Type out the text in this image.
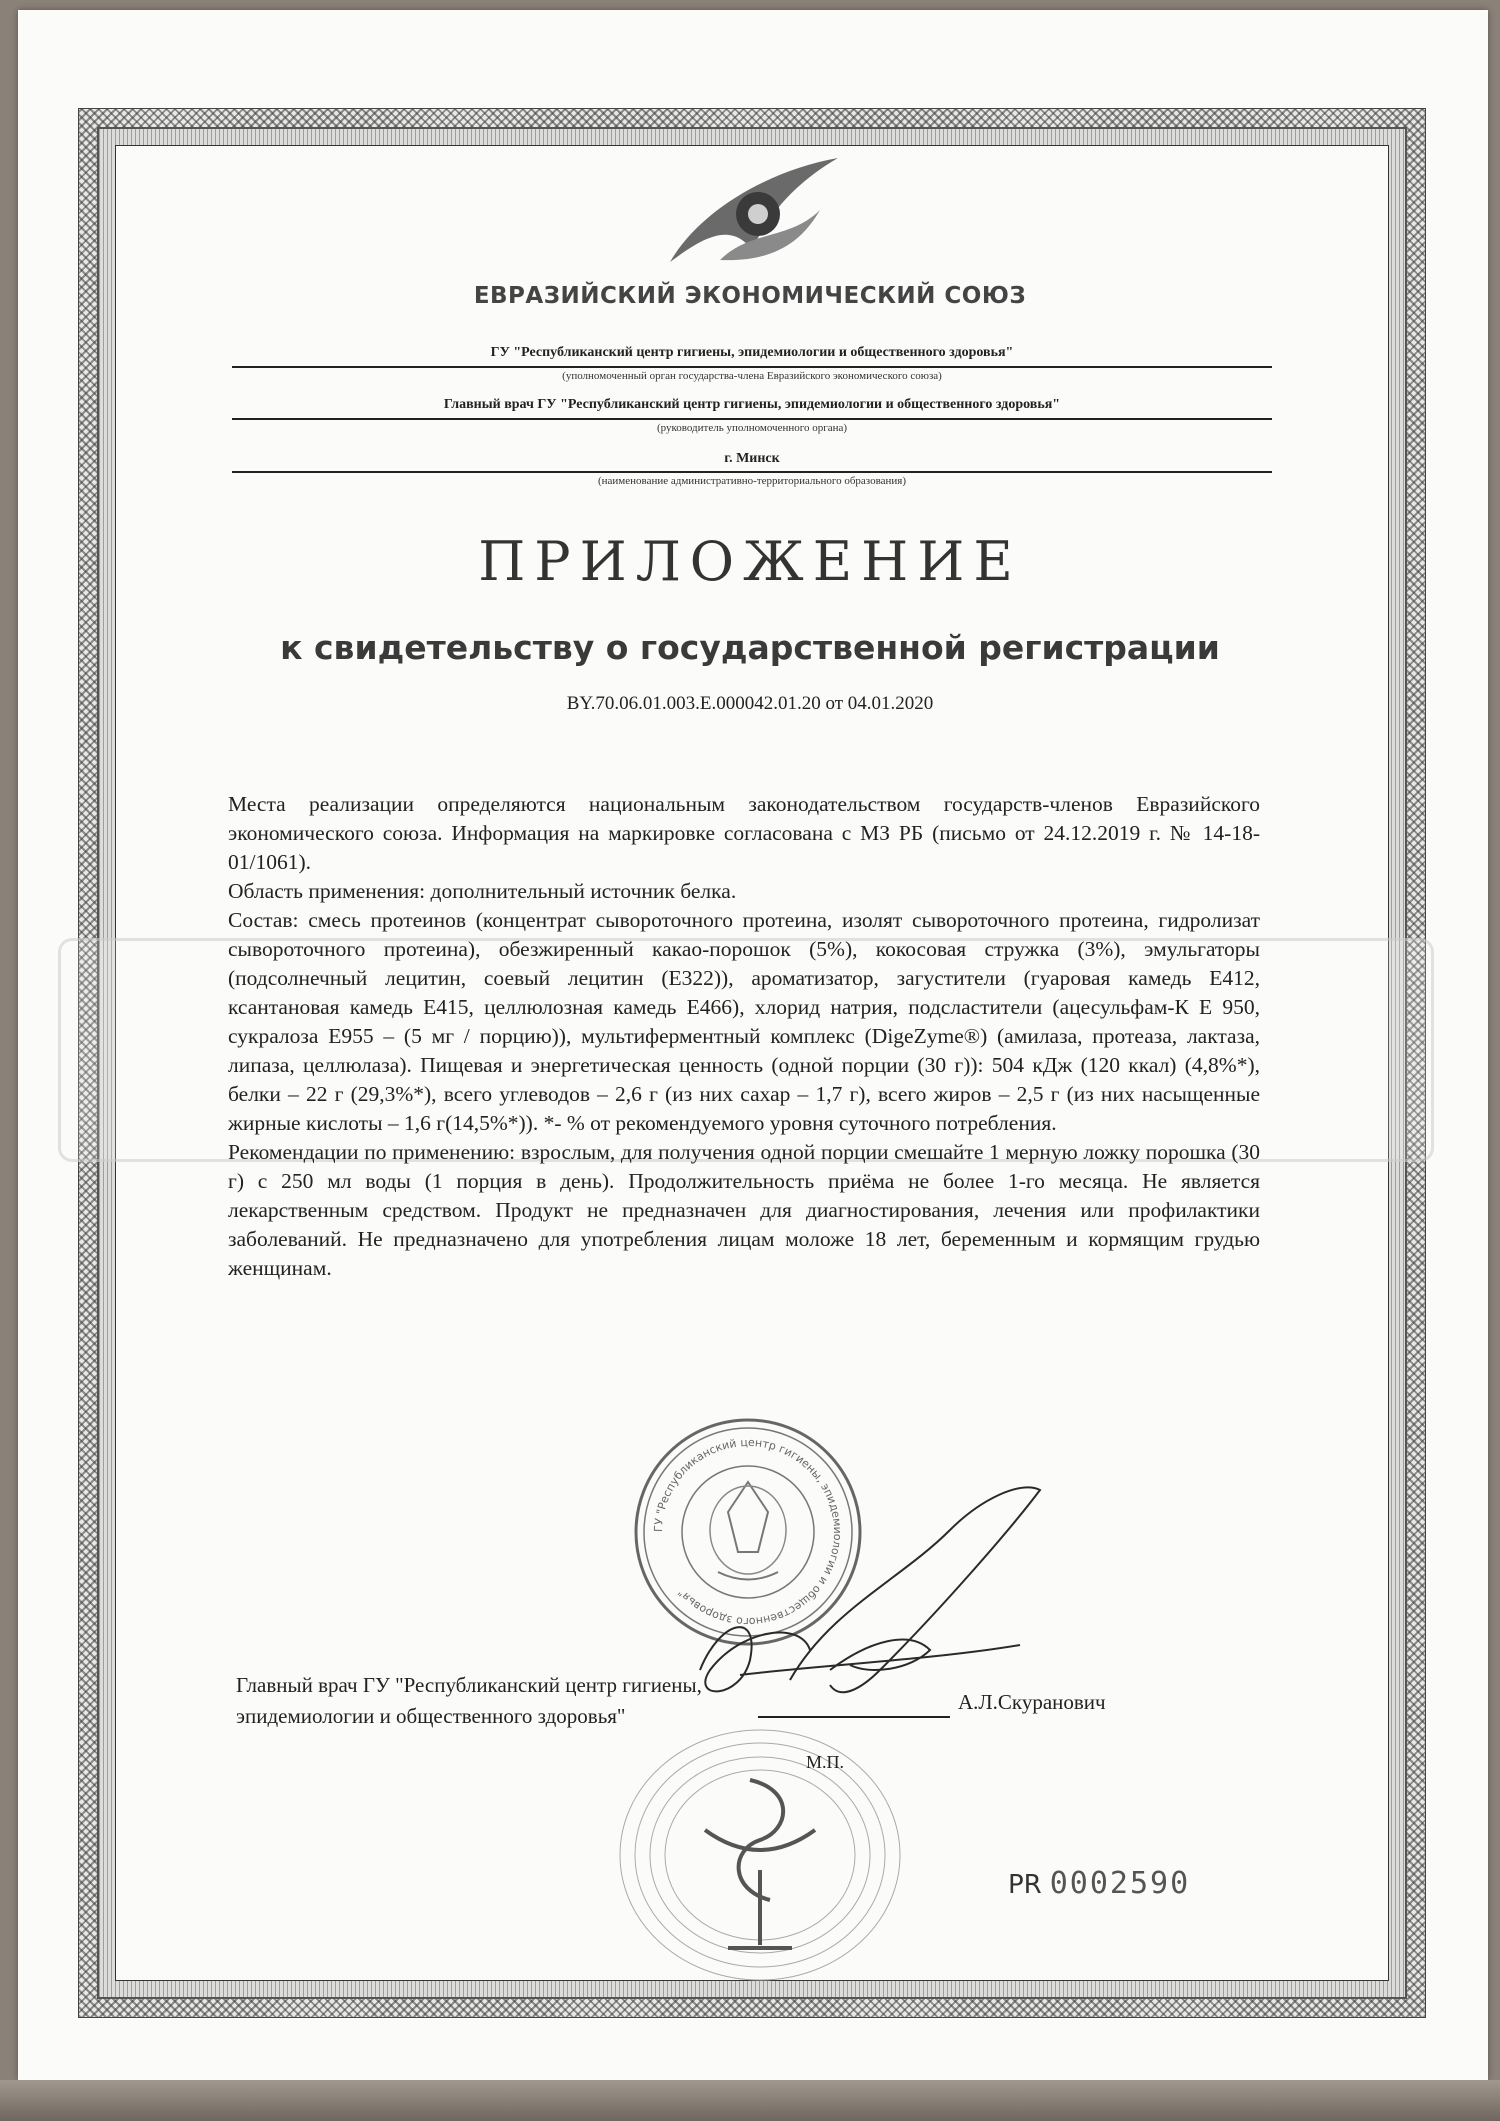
ЕВРАЗИЙСКИЙ ЭКОНОМИЧЕСКИЙ СОЮЗ
ГУ "Республиканский центр гигиены, эпидемиологии и общественного здоровья"
(уполномоченный орган государства-члена Евразийского экономического союза)
Главный врач ГУ "Республиканский центр гигиены, эпидемиологии и общественного здоровья"
(руководитель уполномоченного органа)
г. Минск
(наименование административно-территориального образования)
ПРИЛОЖЕНИЕ
к свидетельству о государственной регистрации
BY.70.06.01.003.Е.000042.01.20 от 04.01.2020

Места реализации определяются национальным законодательством государств-членов Евразийского экономического союза. Информация на маркировке согласована с МЗ РБ (письмо от 24.12.2019 г. № 14-18-01/1061).

Область применения: дополнительный источник белка.

Состав: смесь протеинов (концентрат сывороточного протеина, изолят сывороточного протеина, гидролизат сывороточного протеина), обезжиренный какао-порошок (5%), кокосовая стружка (3%), эмульгаторы (подсолнечный лецитин, соевый лецитин (Е322)), ароматизатор, загустители (гуаровая камедь Е412, ксантановая камедь Е415, целлюлозная камедь Е466), хлорид натрия, подсластители (ацесульфам-К Е 950, сукралоза Е955 – (5 мг / порцию)), мультиферментный комплекс (DigeZyme®) (амилаза, протеаза, лактаза, липаза, целлюлаза). Пищевая и энергетическая ценность (одной порции (30 г)): 504 кДж (120 ккал) (4,8%*), белки – 22 г (29,3%*), всего углеводов – 2,6 г (из них сахар – 1,7 г), всего жиров – 2,5 г (из них насыщенные жирные кислоты – 1,6 г(14,5%*)). *- % от рекомендуемого уровня суточного потребления.

Рекомендации по применению: взрослым, для получения одной порции смешайте 1 мерную ложку порошка (30 г) с 250 мл воды (1 порция в день). Продолжительность приёма не более 1-го месяца. Не является лекарственным средством. Продукт не предназначен для диагностирования, лечения или профилактики заболеваний. Не предназначено для употребления лицам моложе 18 лет, беременным и кормящим грудью женщинам.

ГУ "Республиканский центр гигиены, эпидемиологии и общественного здоровья"
Главный врач ГУ "Республиканский центр гигиены, эпидемиологии и общественного здоровья"
А.Л.Скуранович
М.П.
PR 0002590
